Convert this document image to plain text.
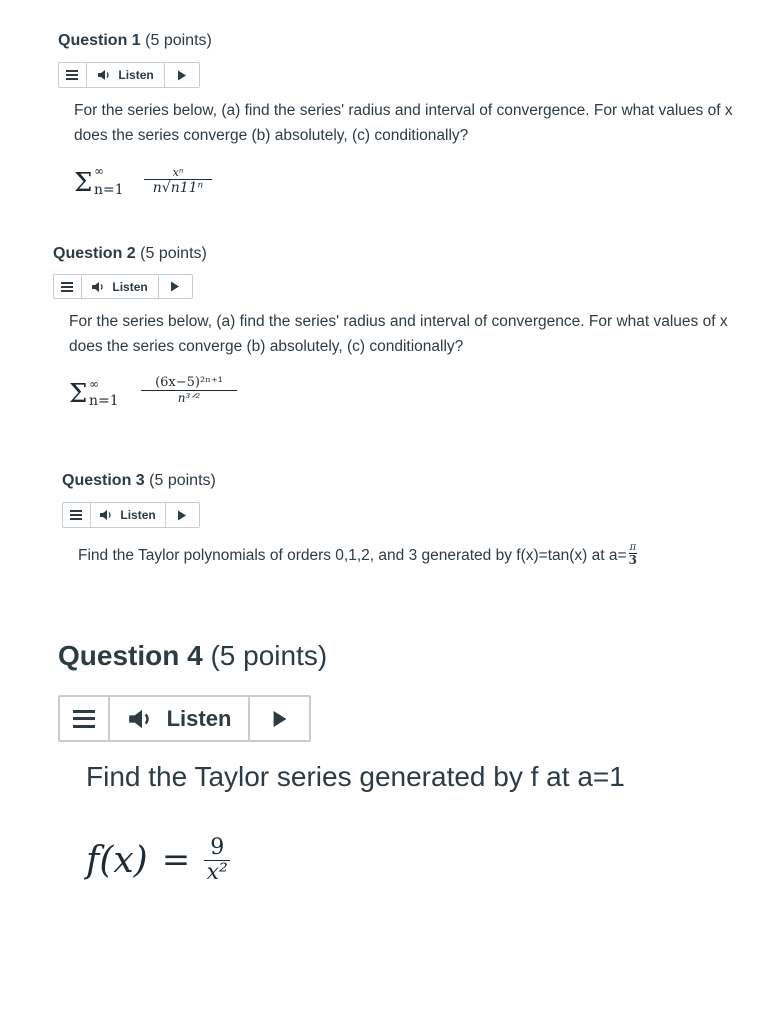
Question 1 (5 points)
Listen
For the series below, (a) find the series' radius and interval of convergence. For what values of x does the series converge (b) absolutely, (c) conditionally?
Σ ∞
n=1
xⁿ
n√n11ⁿ
Question 2 (5 points)
Listen
For the series below, (a) find the series' radius and interval of convergence. For what values of x does the series converge (b) absolutely, (c) conditionally?
Σ ∞
n=1
(6x−5)²ⁿ⁺¹
n³ᐟ²
Question 3 (5 points)
Listen
Find the Taylor polynomials of orders 0,1,2, and 3 generated by f(x)=tan(x) at $a= \frac{\pi}{3}$
Question 4 (5 points)
Listen
Find the Taylor series generated by f at a=1
$f(x) = \frac{9}{\text{x²}}$
